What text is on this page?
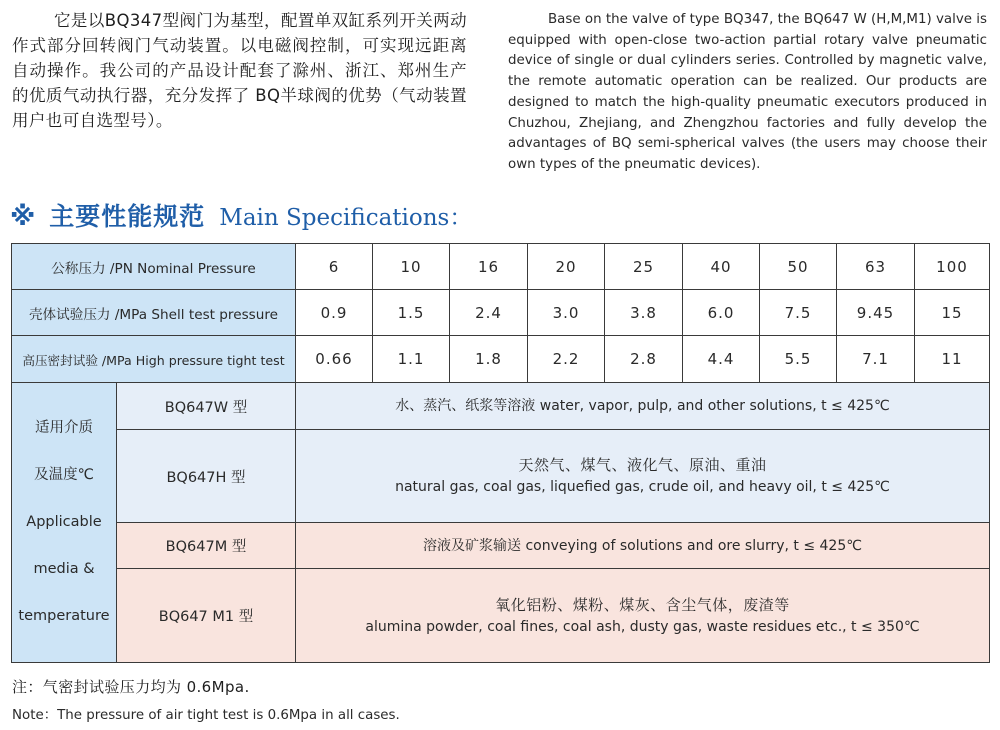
它是以BQ347型阀门为基型，配置单双缸系列开关两动作式部分回转阀门气动装置。以电磁阀控制，可实现远距离自动操作。我公司的产品设计配套了滁州、浙江、郑州生产的优质气动执行器，充分发挥了 BQ半球阀的优势（气动装置用户也可自选型号）。
Base on the valve of type BQ347, the BQ647 W (H,M,M1) valve is equipped with open-close two-action partial rotary valve pneumatic device of single or dual cylinders series. Controlled by magnetic valve, the remote automatic operation can be realized. Our products are designed to match the high-quality pneumatic executors produced in Chuzhou, Zhejiang, and Zhengzhou factories and fully develop the advantages of BQ semi-spherical valves (the users may choose their own types of the pneumatic devices).
※ 主要性能规范 Main Specifications：
公称压力 /PN Nominal Pressure		6	10	16	20	25	40	50	63	100
壳体试验压力 /MPa Shell test pressure		0.9	1.5	2.4	3.0	3.8	6.0	7.5	9.45	15
高压密封试验 /MPa High pressure tight test		0.66	1.1	1.8	2.2	2.8	4.4	5.5	7.1	11

适用介质
及温度℃
Applicable
media &
temperature	BQ647W 型	水、蒸汽、纸浆等溶液 water, vapor, pulp, and other solutions, t ≤ 425℃								

	BQ647H 型	天然气、煤气、液化气、原油、重油
natural gas, coal gas, liquefied gas, crude oil, and heavy oil, t ≤ 425℃								

	BQ647M 型	溶液及矿浆输送 conveying of solutions and ore slurry, t ≤ 425℃								

	BQ647 M1 型	氧化铝粉、煤粉、煤灰、含尘气体，废渣等
alumina powder, coal fines, coal ash, dusty gas, waste residues etc., t ≤ 350℃								
注：气密封试验压力均为 0.6Mpa.
Note：The pressure of air tight test is 0.6Mpa in all cases.
